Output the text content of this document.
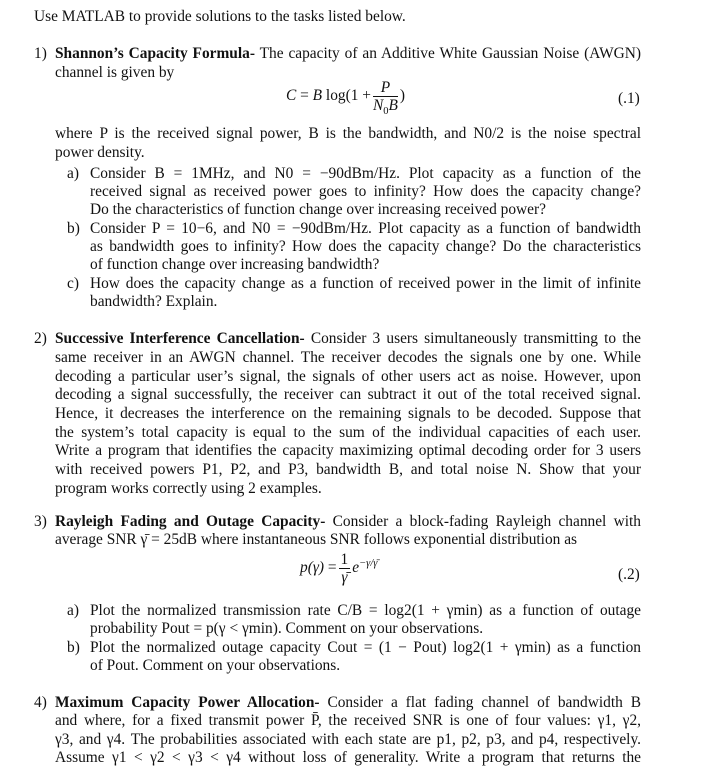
Use MATLAB to provide solutions to the tasks listed below.
1) Shannon’s Capacity Formula- The capacity of an Additive White Gaussian Noise (AWGN)
channel is given by
C = B $\log(1 + \frac{P}{N_0B}$ )	(.1)
where P is the received signal power, B is the bandwidth, and N0/2 is the noise spectral
power density.
a) Consider B = 1MHz, and N0 = −90dBm/Hz. Plot capacity as a function of the
received signal as received power goes to infinity? How does the capacity change?
Do the characteristics of function change over increasing received power?
b) Consider P = 10−6, and N0 = −90dBm/Hz. Plot capacity as a function of bandwidth
as bandwidth goes to infinity? How does the capacity change? Do the characteristics
of function change over increasing bandwidth?
c) How does the capacity change as a function of received power in the limit of infinite
bandwidth? Explain.
2) Successive Interference Cancellation- Consider 3 users simultaneously transmitting to the
same receiver in an AWGN channel. The receiver decodes the signals one by one. While
decoding a particular user’s signal, the signals of other users act as noise. However, upon
decoding a signal successfully, the receiver can subtract it out of the total received signal.
Hence, it decreases the interference on the remaining signals to be decoded. Suppose that
the system’s total capacity is equal to the sum of the individual capacities of each user.
Write a program that identifies the capacity maximizing optimal decoding order for 3 users
with received powers P1, P2, and P3, bandwidth B, and total noise N. Show that your
program works correctly using 2 examples.
3) Rayleigh Fading and Outage Capacity- Consider a block-fading Rayleigh channel with
average SNR γ̄ = 25dB where instantaneous SNR follows exponential distribution as
$p(\gamma) = \frac{1}{\gammā} e^{-\gamma/\gammā}$
(.2)
a) Plot the normalized transmission rate C/B = log2(1 + γmin) as a function of outage
probability Pout = p(γ < γmin). Comment on your observations.
b) Plot the normalized outage capacity Cout = (1 − Pout) log2(1 + γmin) as a function
of Pout. Comment on your observations.
4) Maximum Capacity Power Allocation- Consider a flat fading channel of bandwidth B
and where, for a fixed transmit power P̄, the received SNR is one of four values: γ1, γ2,
γ3, and γ4. The probabilities associated with each state are p1, p2, p3, and p4, respectively.
Assume γ1 < γ2 < γ3 < γ4 without loss of generality. Write a program that returns the
